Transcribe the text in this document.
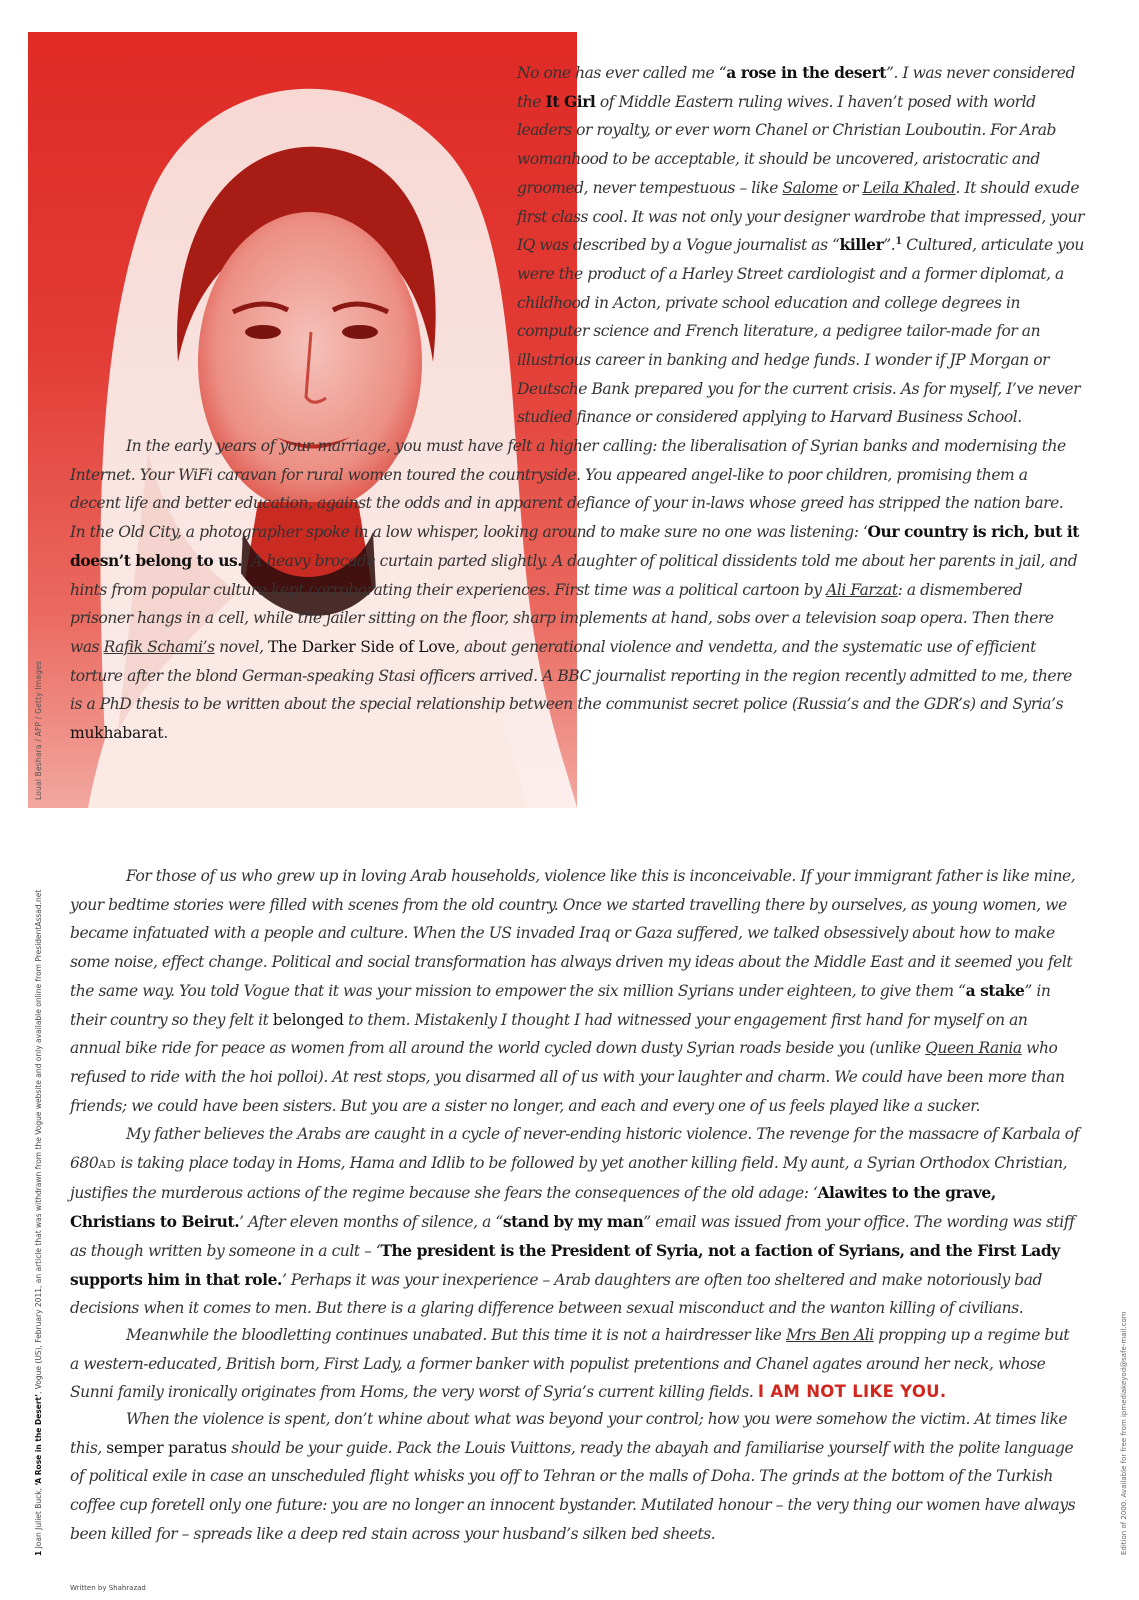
Louai Beshara / AFP / Getty Images
1 Joan Juliet Buck, ‘A Rose in the Desert’, Vogue (US), February 2011, an article that was withdrawn from the Vogue website and only available online from PresidentAssad.net
Edition of 2000. Available for free from ipmediakeyod@safe-mail.com
Written by Shahrazad

No one has ever called me “a rose in the desert”. I was never considered the It Girl of Middle Eastern ruling wives. I haven’t posed with world leaders or royalty, or ever worn Chanel or Christian Louboutin. For Arab womanhood to be acceptable, it should be uncovered, aristocratic and groomed, never tempestuous – like Salome or Leila Khaled. It should exude first class cool. It was not only your designer wardrobe that impressed, your IQ was described by a Vogue journalist as “killer”.$^1$ Cultured, articulate you were the product of a Harley Street cardiologist and a former diplomat, a childhood in Acton, private school education and college degrees in computer science and French literature, a pedigree tailor-made for an illustrious career in banking and hedge funds. I wonder if JP Morgan or Deutsche Bank prepared you for the current crisis. As for myself, I’ve never studied finance or considered applying to Harvard Business School.

In the early years of your marriage, you must have felt a higher calling: the liberalisation of Syrian banks and modernising the Internet. Your WiFi caravan for rural women toured the countryside. You appeared angel-like to poor children, promising them a decent life and better education, against the odds and in apparent defiance of your in-laws whose greed has stripped the nation bare. In the Old City, a photographer spoke in a low whisper, looking around to make sure no one was listening: ‘Our country is rich, but it doesn’t belong to us.’ A heavy brocade curtain parted slightly. A daughter of political dissidents told me about her parents in jail, and hints from popular culture kept corroborating their experiences. First time was a political cartoon by Ali Farzat: a dismembered prisoner hangs in a cell, while the jailer sitting on the floor, sharp implements at hand, sobs over a television soap opera. Then there was Rafik Schami’s novel, The Darker Side of Love, about generational violence and vendetta, and the systematic use of efficient torture after the blond German-speaking Stasi officers arrived. A BBC journalist reporting in the region recently admitted to me, there is a PhD thesis to be written about the special relationship between the communist secret police (Russia’s and the GDR’s) and Syria’s mukhabarat.

For those of us who grew up in loving Arab households, violence like this is inconceivable. If your immigrant father is like mine, your bedtime stories were filled with scenes from the old country. Once we started travelling there by ourselves, as young women, we became infatuated with a people and culture. When the US invaded Iraq or Gaza suffered, we talked obsessively about how to make some noise, effect change. Political and social transformation has always driven my ideas about the Middle East and it seemed you felt the same way. You told Vogue that it was your mission to empower the six million Syrians under eighteen, to give them “a stake” in their country so they felt it belonged to them. Mistakenly I thought I had witnessed your engagement first hand for myself on an annual bike ride for peace as women from all around the world cycled down dusty Syrian roads beside you (unlike Queen Rania who refused to ride with the hoi polloi). At rest stops, you disarmed all of us with your laughter and charm. We could have been more than friends; we could have been sisters. But you are a sister no longer, and each and every one of us feels played like a sucker.

My father believes the Arabs are caught in a cycle of never-ending historic violence. The revenge for the massacre of Karbala of 680AD is taking place today in Homs, Hama and Idlib to be followed by yet another killing field. My aunt, a Syrian Orthodox Christian, justifies the murderous actions of the regime because she fears the consequences of the old adage: ‘Alawites to the grave, Christians to Beirut.’ After eleven months of silence, a “stand by my man” email was issued from your office. The wording was stiff as though written by someone in a cult – ‘The president is the President of Syria, not a faction of Syrians, and the First Lady supports him in that role.’ Perhaps it was your inexperience – Arab daughters are often too sheltered and make notoriously bad decisions when it comes to men. But there is a glaring difference between sexual misconduct and the wanton killing of civilians.

Meanwhile the bloodletting continues unabated. But this time it is not a hairdresser like Mrs Ben Ali propping up a regime but a western-educated, British born, First Lady, a former banker with populist pretentions and Chanel agates around her neck, whose Sunni family ironically originates from Homs, the very worst of Syria’s current killing fields. I AM NOT LIKE YOU.

When the violence is spent, don’t whine about what was beyond your control; how you were somehow the victim. At times like this, semper paratus should be your guide. Pack the Louis Vuittons, ready the abayah and familiarise yourself with the polite language of political exile in case an unscheduled flight whisks you off to Tehran or the malls of Doha. The grinds at the bottom of the Turkish coffee cup foretell only one future: you are no longer an innocent bystander. Mutilated honour – the very thing our women have always been killed for – spreads like a deep red stain across your husband’s silken bed sheets.
